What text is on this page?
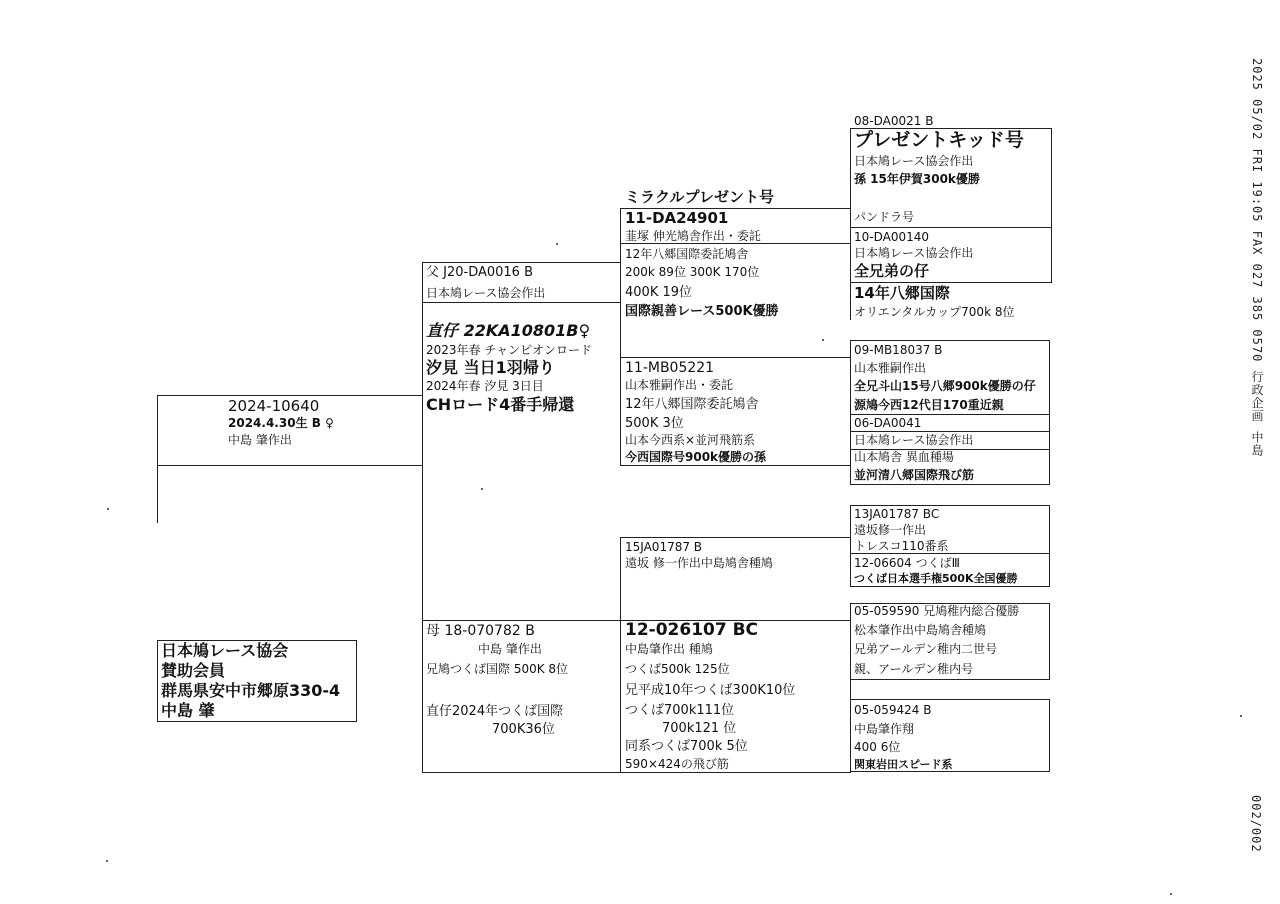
2025 05/02 FRI 19:05 FAX 027 385 0570 行政企画 中島
002/002
2024-10640
2024.4.30生 B ♀
中島 肇作出
日本鳩レース協会
賛助会員
群馬県安中市郷原330-4
中島 肇
父 J20-DA0016 B
日本鳩レース協会作出
直仔 22KA10801B♀
2023年春 チャンピオンロード
汐見 当日1羽帰り
2024年春 汐見 3日目
CHロード4番手帰還
母 18-070782 B
中島 肇作出
兄鳩つくば国際 500K 8位
直仔2024年つくば国際
700K36位
ミラクルプレゼント号
11-DA24901
韮塚 伸光鳩舎作出・委託
12年八郷国際委託鳩舎
200k 89位 300K 170位
400K 19位
国際親善レース500K優勝
11-MB05221
山本雅嗣作出・委託
12年八郷国際委託鳩舎
500K 3位
山本今西系×並河飛筋系
今西国際号900k優勝の孫
15JA01787 B
遠坂 修一作出中島鳩舎種鳩
12-026107 BC
中島肇作出 種鳩
つくば500k 125位
兄平成10年つくば300K10位
つくば700k111位
700k121 位
同系つくば700k 5位
590×424の飛び筋
08-DA0021 B
プレゼントキッド号
日本鳩レース協会作出
孫 15年伊賀300k優勝
パンドラ号
10-DA00140
日本鳩レース協会作出
全兄弟の仔
14年八郷国際
オリエンタルカップ700k 8位
09-MB18037 B
山本雅嗣作出
全兄斗山15号八郷900k優勝の仔
源鳩今西12代目170重近親
06-DA0041
日本鳩レース協会作出
山本鳩舎 異血種場
並河清八郷国際飛び筋
13JA01787 BC
遠坂修一作出
トレスコ110番系
12-06604 つくばⅢ
つくば日本選手権500K全国優勝
05-059590 兄鳩稚内総合優勝
松本肇作出中島鳩舎種鳩
兄弟アールデン稚内二世号
親、アールデン稚内号
05-059424 B
中島肇作翔
400 6位
関東岩田スピード系
